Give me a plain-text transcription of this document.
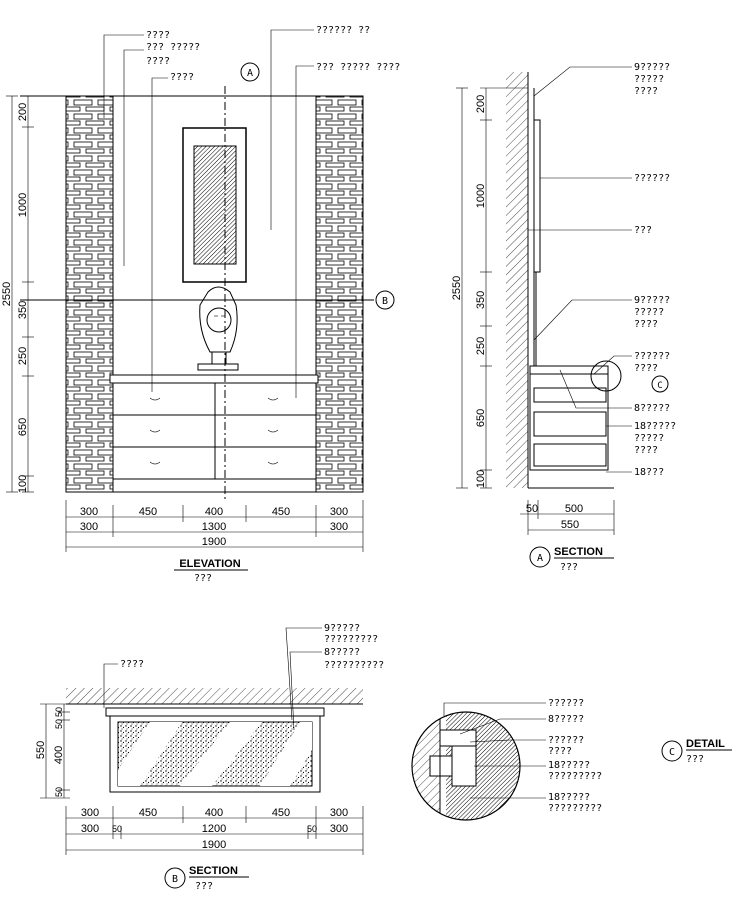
A
B
????
??? ?????
????
????
?????? ??
??? ????? ????
200
1000
350
250
650
100
2550
300	450	400	450	300
300	1300	300
1900
ELEVATION
???
C
9?????
?????
????
??????
???
9?????
?????
????
??????
????
8?????
18?????
?????
????
18???
200
1000
350
250
650
100
2550
50 500
550
A
SECTION
???
9?????
?????????
8?????
??????????
????
50
50
400
50
550
300	450	400	450	300
300 50	1200	50 300
1900
B
SECTION
???
??????
8?????
??????
????
18?????
?????????
18?????
?????????
C
DETAIL
???
